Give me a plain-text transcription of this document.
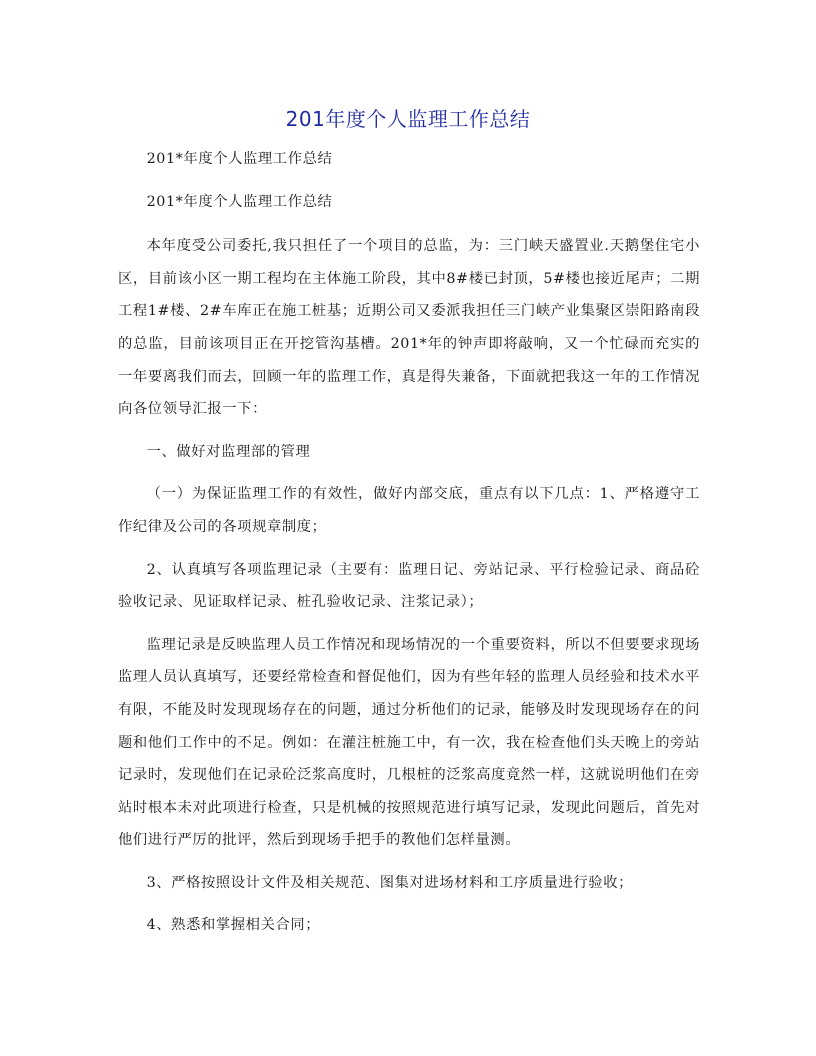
201年度个人监理工作总结

201*年度个人监理工作总结

201*年度个人监理工作总结

本年度受公司委托,我只担任了一个项目的总监，为：三门峡天盛置业.天鹅堡住宅小区，目前该小区一期工程均在主体施工阶段，其中8#楼已封顶，5#楼也接近尾声；二期工程1#楼、2#车库正在施工桩基；近期公司又委派我担任三门峡产业集聚区崇阳路南段的总监，目前该项目正在开挖管沟基槽。201*年的钟声即将敲响，又一个忙碌而充实的一年要离我们而去，回顾一年的监理工作，真是得失兼备，下面就把我这一年的工作情况向各位领导汇报一下：

一、做好对监理部的管理

（一）为保证监理工作的有效性，做好内部交底，重点有以下几点：1、严格遵守工作纪律及公司的各项规章制度；

2、认真填写各项监理记录（主要有：监理日记、旁站记录、平行检验记录、商品砼验收记录、见证取样记录、桩孔验收记录、注浆记录）；

监理记录是反映监理人员工作情况和现场情况的一个重要资料，所以不但要要求现场监理人员认真填写，还要经常检查和督促他们，因为有些年轻的监理人员经验和技术水平有限，不能及时发现现场存在的问题，通过分析他们的记录，能够及时发现现场存在的问题和他们工作中的不足。例如：在灌注桩施工中，有一次，我在检查他们头天晚上的旁站记录时，发现他们在记录砼泛浆高度时，几根桩的泛浆高度竟然一样，这就说明他们在旁站时根本未对此项进行检查，只是机械的按照规范进行填写记录，发现此问题后，首先对他们进行严厉的批评，然后到现场手把手的教他们怎样量测。

3、严格按照设计文件及相关规范、图集对进场材料和工序质量进行验收；

4、熟悉和掌握相关合同；
